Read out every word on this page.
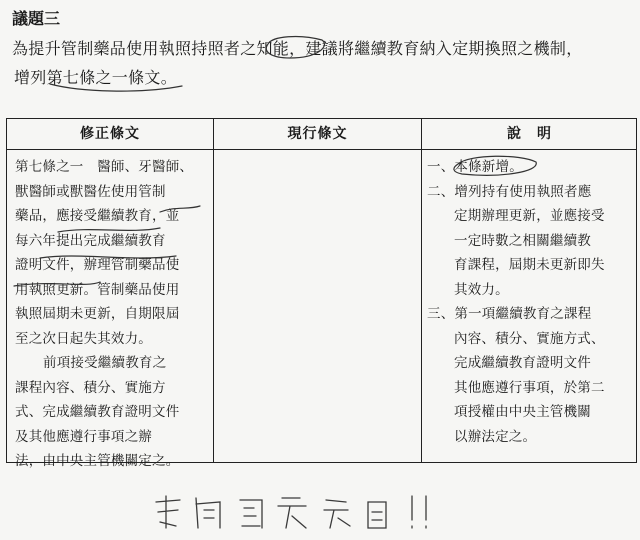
議題三
為提升管制藥品使用執照持照者之知能，建議將繼續教育納入定期換照之機制，
增列第七條之一條文。
修正條文	現行條文	說　明
第七條之一　醫師、牙醫師、
獸醫師或獸醫佐使用管制
藥品，應接受繼續教育，並
每六年提出完成繼續教育
證明文件，辦理管制藥品使
用執照更新。管制藥品使用
執照屆期未更新，自期限屆
至之次日起失其效力。
前項接受繼續教育之
課程內容、積分、實施方
式、完成繼續教育證明文件
及其他應遵行事項之辦
法，由中央主管機關定之。
一、本條新增。
二、增列持有使用執照者應
定期辦理更新，並應接受
一定時數之相關繼續教
育課程，屆期未更新即失
其效力。
三、第一項繼續教育之課程
內容、積分、實施方式、
完成繼續教育證明文件
其他應遵行事項，於第二
項授權由中央主管機關
以辦法定之。
